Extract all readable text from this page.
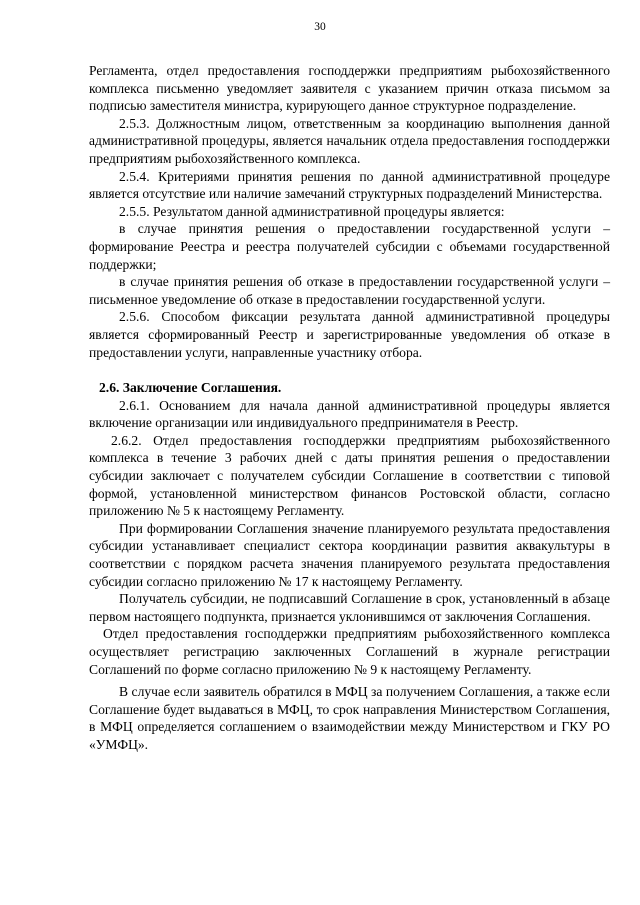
30

Регламента, отдел предоставления господдержки предприятиям рыбохозяйственного комплекса письменно уведомляет заявителя с указанием причин отказа письмом за подписью заместителя министра, курирующего данное структурное подразделение.

2.5.3. Должностным лицом, ответственным за координацию выполнения данной административной процедуры, является начальник отдела предоставления господдержки предприятиям рыбохозяйственного комплекса.

2.5.4. Критериями принятия решения по данной административной процедуре является отсутствие или наличие замечаний структурных подразделений Министерства.

2.5.5. Результатом данной административной процедуры является:

в случае принятия решения о предоставлении государственной услуги – формирование Реестра и реестра получателей субсидии с объемами государственной поддержки;

в случае принятия решения об отказе в предоставлении государственной услуги – письменное уведомление об отказе в предоставлении государственной услуги.

2.5.6. Способом фиксации результата данной административной процедуры является сформированный Реестр и зарегистрированные уведомления об отказе в предоставлении услуги, направленные участнику отбора.

2.6. Заключение Соглашения.

2.6.1. Основанием для начала данной административной процедуры является включение организации или индивидуального предпринимателя в Реестр.

2.6.2. Отдел предоставления господдержки предприятиям рыбохозяйственного комплекса в течение 3 рабочих дней с даты принятия решения о предоставлении субсидии заключает с получателем субсидии Соглашение в соответствии с типовой формой, установленной министерством финансов Ростовской области, согласно приложению № 5 к настоящему Регламенту.

При формировании Соглашения значение планируемого результата предоставления субсидии устанавливает специалист сектора координации развития аквакультуры в соответствии с порядком расчета значения планируемого результата предоставления субсидии согласно приложению № 17 к настоящему Регламенту.

Получатель субсидии, не подписавший Соглашение в срок, установленный в абзаце первом настоящего подпункта, признается уклонившимся от заключения Соглашения.

Отдел предоставления господдержки предприятиям рыбохозяйственного комплекса осуществляет регистрацию заключенных Соглашений в журнале регистрации Соглашений по форме согласно приложению № 9 к настоящему Регламенту.

В случае если заявитель обратился в МФЦ за получением Соглашения, а также если Соглашение будет выдаваться в МФЦ, то срок направления Министерством Соглашения, в МФЦ определяется соглашением о взаимодействии между Министерством и ГКУ РО «УМФЦ».
